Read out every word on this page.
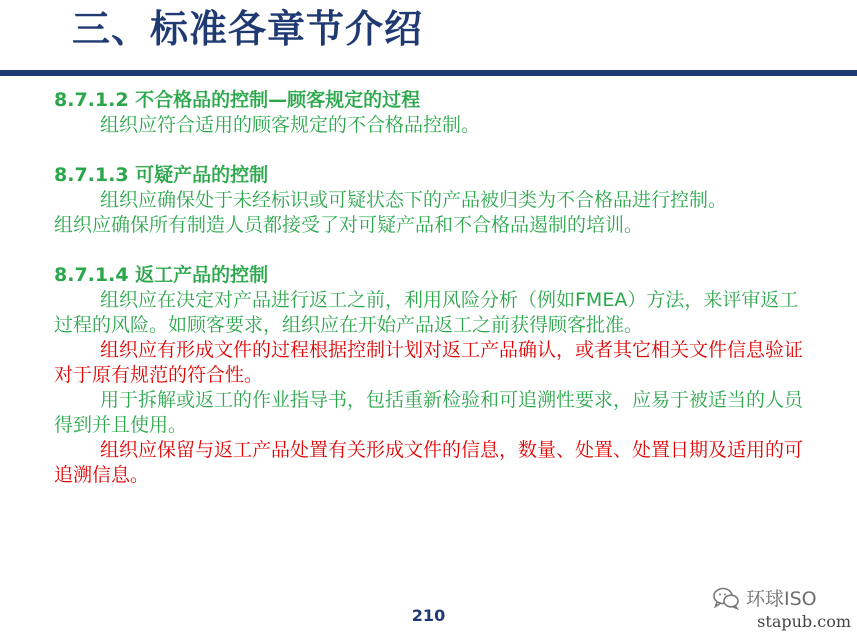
三、标准各章节介绍
8.7.1.2 不合格品的控制—顾客规定的过程

组织应符合适用的顾客规定的不合格品控制。

8.7.1.3 可疑产品的控制

组织应确保处于未经标识或可疑状态下的产品被归类为不合格品进行控制。

组织应确保所有制造人员都接受了对可疑产品和不合格品遏制的培训。

8.7.1.4 返工产品的控制

组织应在决定对产品进行返工之前，利用风险分析（例如FMEA）方法，来评审返工过程的风险。如顾客要求，组织应在开始产品返工之前获得顾客批准。

组织应有形成文件的过程根据控制计划对返工产品确认，或者其它相关文件信息验证对于原有规范的符合性。

用于拆解或返工的作业指导书，包括重新检验和可追溯性要求，应易于被适当的人员得到并且使用。

组织应保留与返工产品处置有关形成文件的信息，数量、处置、处置日期及适用的可追溯信息。

210
环球ISO
stapub.com
